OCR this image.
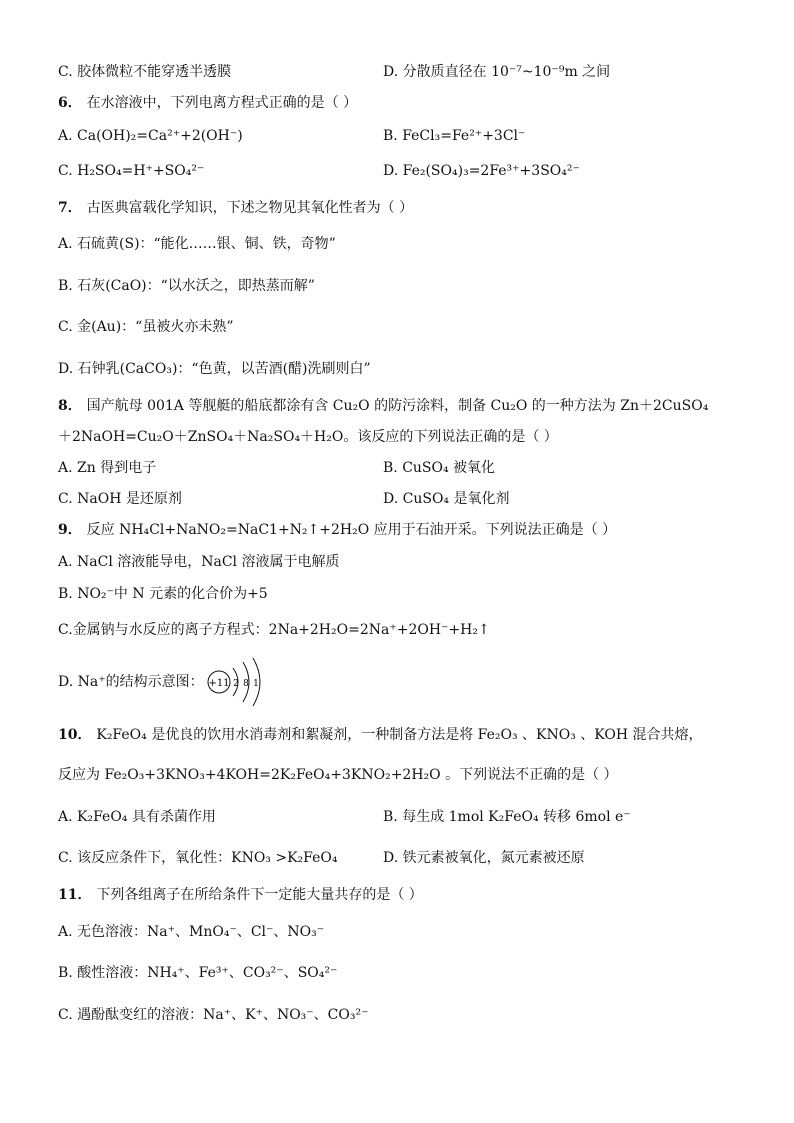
C. 胶体微粒不能穿透半透膜	D. 分散质直径在 10⁻⁷~10⁻⁹m 之间
6． 在水溶液中，下列电离方程式正确的是（ ）
A. Ca(OH)₂=Ca²⁺+2(OH⁻)	B. FeCl₃=Fe²⁺+3Cl⁻
C. H₂SO₄=H⁺+SO₄²⁻	D. Fe₂(SO₄)₃=2Fe³⁺+3SO₄²⁻
7． 古医典富载化学知识，下述之物见其氧化性者为（ ）
A. 石硫黄(S)：“能化……银、铜、铁，奇物”
B. 石灰(CaO)：“以水沃之，即热蒸而解”
C. 金(Au)：“虽被火亦未熟”
D. 石钟乳(CaCO₃)：“色黄，以苦酒(醋)洗刷则白”
8． 国产航母 001A 等舰艇的船底都涂有含 Cu₂O 的防污涂料，制备 Cu₂O 的一种方法为 Zn＋2CuSO₄
＋2NaOH=Cu₂O＋ZnSO₄＋Na₂SO₄＋H₂O。该反应的下列说法正确的是（ ）
A. Zn 得到电子	B. CuSO₄ 被氧化
C. NaOH 是还原剂	D. CuSO₄ 是氧化剂
9． 反应 NH₄Cl+NaNO₂=NaC1+N₂↑+2H₂O 应用于石油开采。下列说法正确是（ ）
A. NaCl 溶液能导电，NaCl 溶液属于电解质
B. NO₂⁻中 N 元素的化合价为+5
C.金属钠与水反应的离子方程式：2Na+2H₂O=2Na⁺+2OH⁻+H₂↑
D. Na⁺的结构示意图： +11 2 8 1
10． K₂FeO₄ 是优良的饮用水消毒剂和絮凝剂，一种制备方法是将 Fe₂O₃ 、KNO₃ 、KOH 混合共熔，
反应为 Fe₂O₃+3KNO₃+4KOH=2K₂FeO₄+3KNO₂+2H₂O 。下列说法不正确的是（ ）
A. K₂FeO₄ 具有杀菌作用	B. 每生成 1mol K₂FeO₄ 转移 6mol e⁻
C. 该反应条件下，氧化性：KNO₃ >K₂FeO₄	D. 铁元素被氧化，氮元素被还原
11． 下列各组离子在所给条件下一定能大量共存的是（ ）
A. 无色溶液：Na⁺、MnO₄⁻、Cl⁻、NO₃⁻
B. 酸性溶液：NH₄⁺、Fe³⁺、CO₃²⁻、SO₄²⁻
C. 遇酚酞变红的溶液：Na⁺、K⁺、NO₃⁻、CO₃²⁻
